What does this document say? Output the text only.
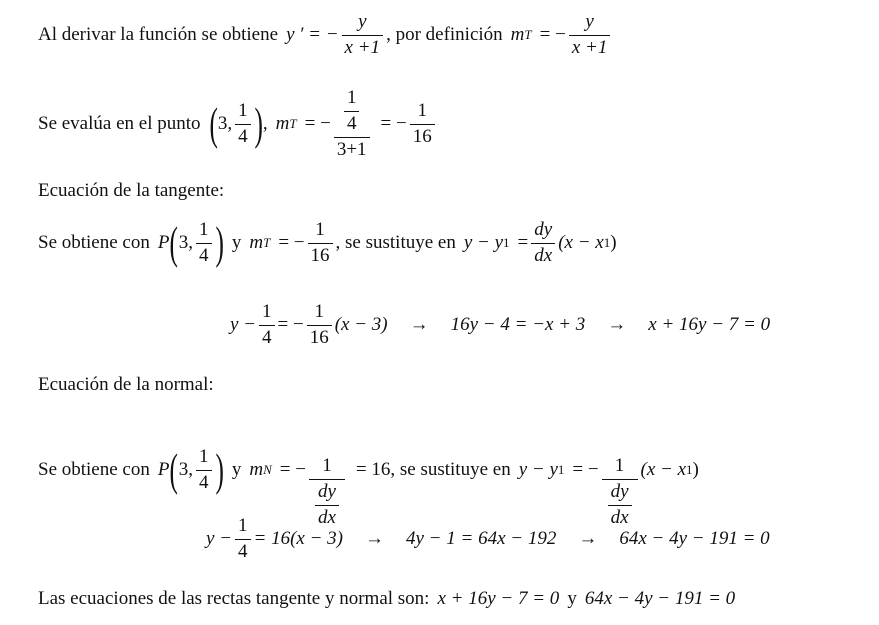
Al derivar la función se obtiene y ′ = − $\frac{y}{x +1}$ , por definición m T = − $\frac{y}{x +1}$
Se evalúa en el punto ( 3, $\frac{1}{4}$ ) , m T = − $\frac{\frac{1}{4}}{3+1}$ = − $\frac{1}{16}$
Ecuación de la tangente:
Se obtiene con P ( 3, $\frac{1}{4}$ ) y m T = − $\frac{1}{16}$ , se sustituye en y − y $1 = \frac{dy}{dx} (x - x$ 1 )
$y - \frac{1}{4}$ = − $\frac{1}{16} (x - 3) \to 16y - 4 = -x + 3 \to x + 16y - 7 = 0$
Ecuación de la normal:
Se obtiene con P ( 3, $\frac{1}{4}$ ) y m N = − $\frac{1}{\frac{dy}{dx}} = 16$, se sustituye en y − y 1 = − $\frac{1}{\frac{dy}{dx}} (x - x$ 1 )
$y - \frac{1}{4} = 16(x - 3) \to 4y - 1 = 64x - 192 \to 64x - 4y - 191 = 0$
Las ecuaciones de las rectas tangente y normal son: x + 16y − 7 = 0 y 64x − 4y − 191 = 0
